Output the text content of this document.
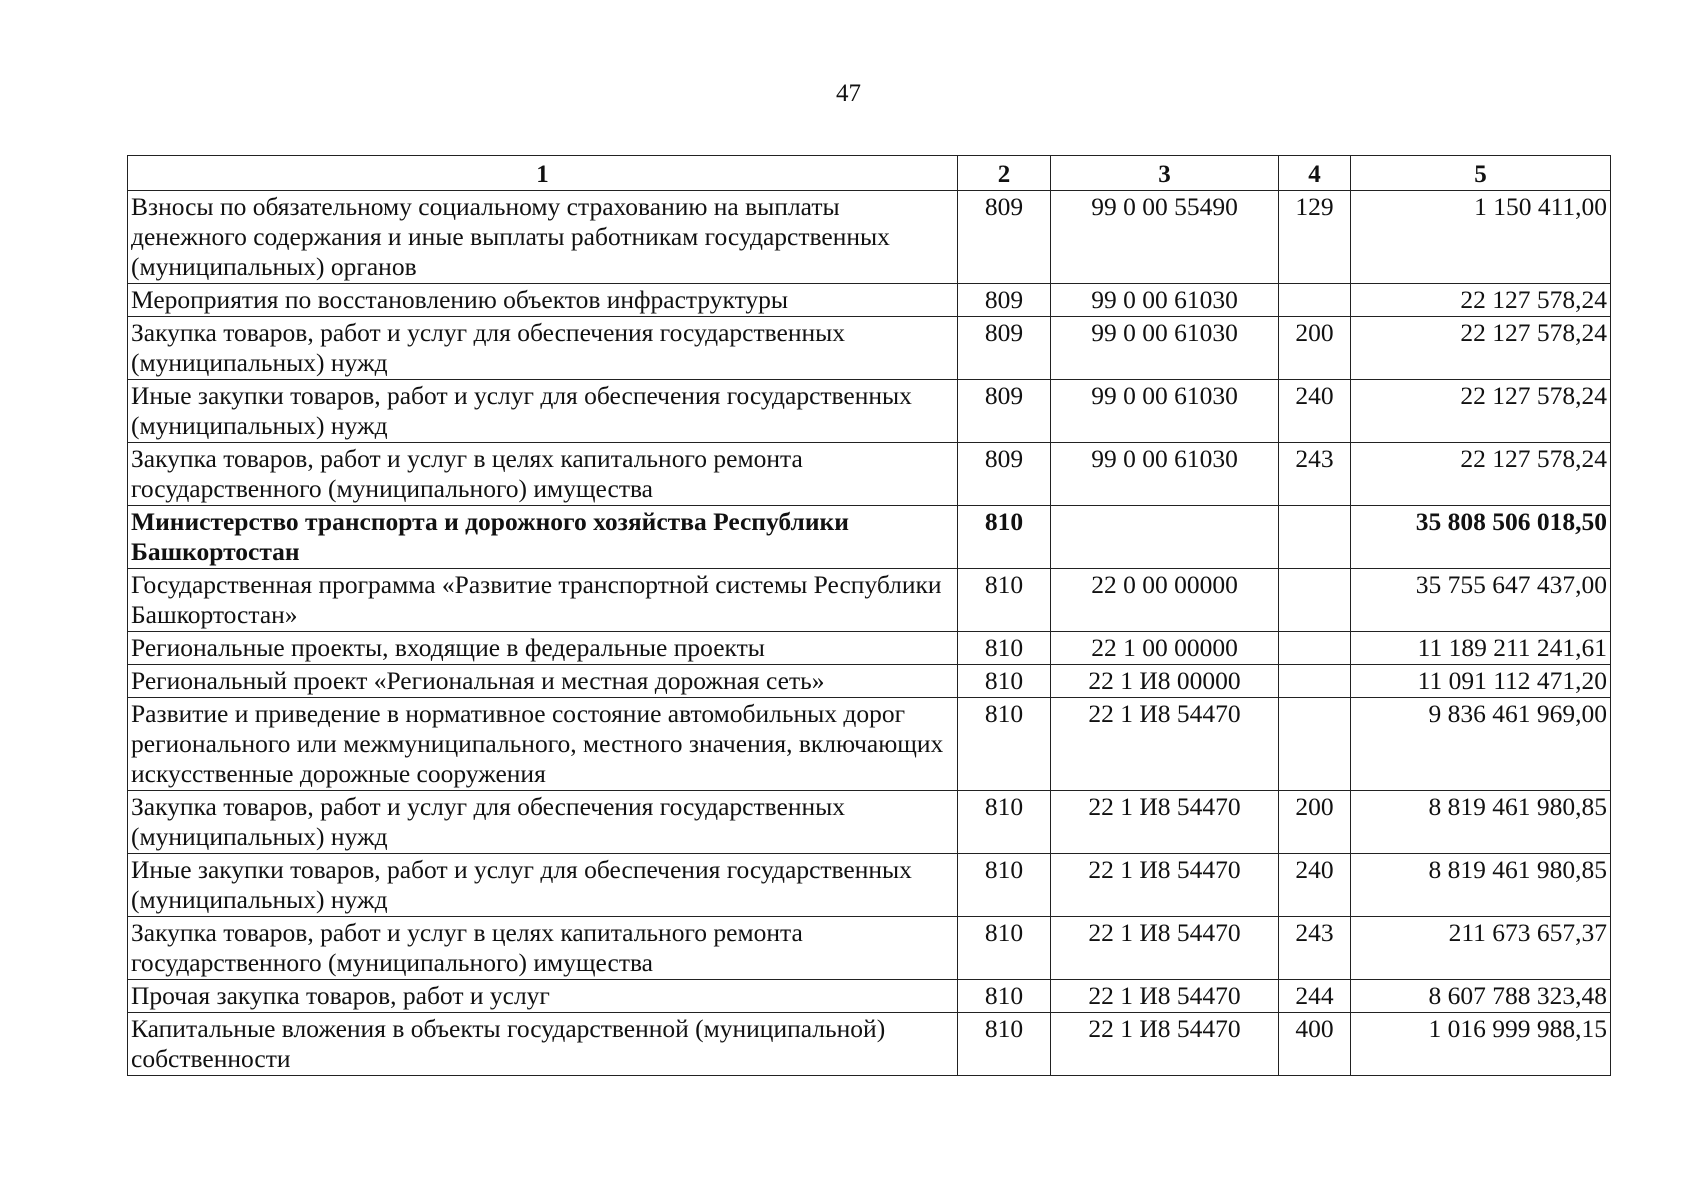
47
1	2	3	4	5
Взносы по обязательному социальному страхованию на выплаты денежного содержания и иные выплаты работникам государственных (муниципальных) органов	809	99 0 00 55490	129	1 150 411,00
Мероприятия по восстановлению объектов инфраструктуры	809	99 0 00 61030		22 127 578,24
Закупка товаров, работ и услуг для обеспечения государственных (муниципальных) нужд	809	99 0 00 61030	200	22 127 578,24
Иные закупки товаров, работ и услуг для обеспечения государственных (муниципальных) нужд	809	99 0 00 61030	240	22 127 578,24
Закупка товаров, работ и услуг в целях капитального ремонта государственного (муниципального) имущества	809	99 0 00 61030	243	22 127 578,24
Министерство транспорта и дорожного хозяйства Республики Башкортостан	810			35 808 506 018,50
Государственная программа «Развитие транспортной системы Республики Башкортостан»	810	22 0 00 00000		35 755 647 437,00
Региональные проекты, входящие в федеральные проекты	810	22 1 00 00000		11 189 211 241,61
Региональный проект «Региональная и местная дорожная сеть»	810	22 1 И8 00000		11 091 112 471,20
Развитие и приведение в нормативное состояние автомобильных дорог регионального или межмуниципального, местного значения, включающих искусственные дорожные сооружения	810	22 1 И8 54470		9 836 461 969,00
Закупка товаров, работ и услуг для обеспечения государственных (муниципальных) нужд	810	22 1 И8 54470	200	8 819 461 980,85
Иные закупки товаров, работ и услуг для обеспечения государственных (муниципальных) нужд	810	22 1 И8 54470	240	8 819 461 980,85
Закупка товаров, работ и услуг в целях капитального ремонта государственного (муниципального) имущества	810	22 1 И8 54470	243	211 673 657,37
Прочая закупка товаров, работ и услуг	810	22 1 И8 54470	244	8 607 788 323,48
Капитальные вложения в объекты государственной (муниципальной) собственности	810	22 1 И8 54470	400	1 016 999 988,15
